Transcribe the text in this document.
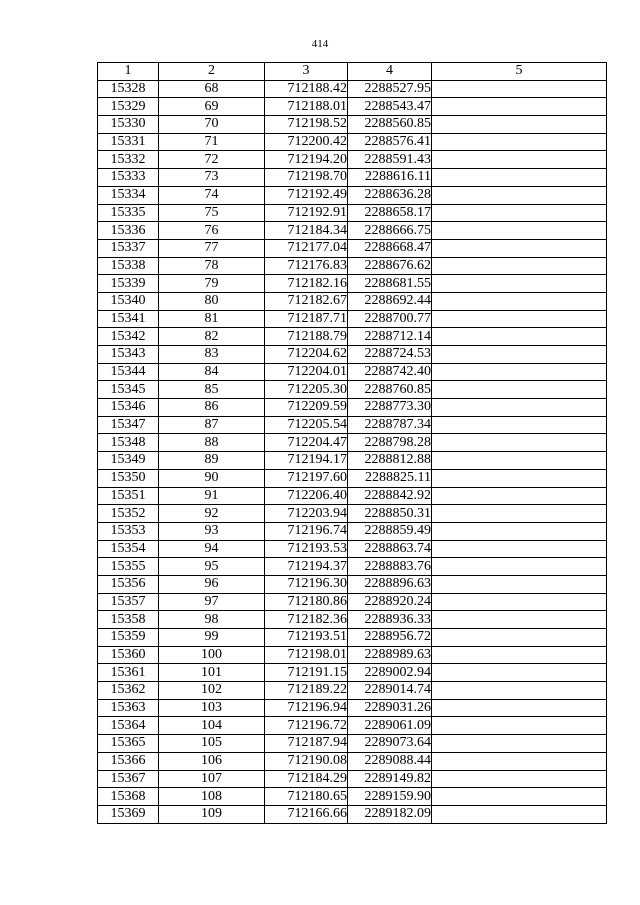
414
1	2	3	4	5
15328	68	712188.42	2288527.95	
15329	69	712188.01	2288543.47	
15330	70	712198.52	2288560.85	
15331	71	712200.42	2288576.41	
15332	72	712194.20	2288591.43	
15333	73	712198.70	2288616.11	
15334	74	712192.49	2288636.28	
15335	75	712192.91	2288658.17	
15336	76	712184.34	2288666.75	
15337	77	712177.04	2288668.47	
15338	78	712176.83	2288676.62	
15339	79	712182.16	2288681.55	
15340	80	712182.67	2288692.44	
15341	81	712187.71	2288700.77	
15342	82	712188.79	2288712.14	
15343	83	712204.62	2288724.53	
15344	84	712204.01	2288742.40	
15345	85	712205.30	2288760.85	
15346	86	712209.59	2288773.30	
15347	87	712205.54	2288787.34	
15348	88	712204.47	2288798.28	
15349	89	712194.17	2288812.88	
15350	90	712197.60	2288825.11	
15351	91	712206.40	2288842.92	
15352	92	712203.94	2288850.31	
15353	93	712196.74	2288859.49	
15354	94	712193.53	2288863.74	
15355	95	712194.37	2288883.76	
15356	96	712196.30	2288896.63	
15357	97	712180.86	2288920.24	
15358	98	712182.36	2288936.33	
15359	99	712193.51	2288956.72	
15360	100	712198.01	2288989.63	
15361	101	712191.15	2289002.94	
15362	102	712189.22	2289014.74	
15363	103	712196.94	2289031.26	
15364	104	712196.72	2289061.09	
15365	105	712187.94	2289073.64	
15366	106	712190.08	2289088.44	
15367	107	712184.29	2289149.82	
15368	108	712180.65	2289159.90	
15369	109	712166.66	2289182.09	
